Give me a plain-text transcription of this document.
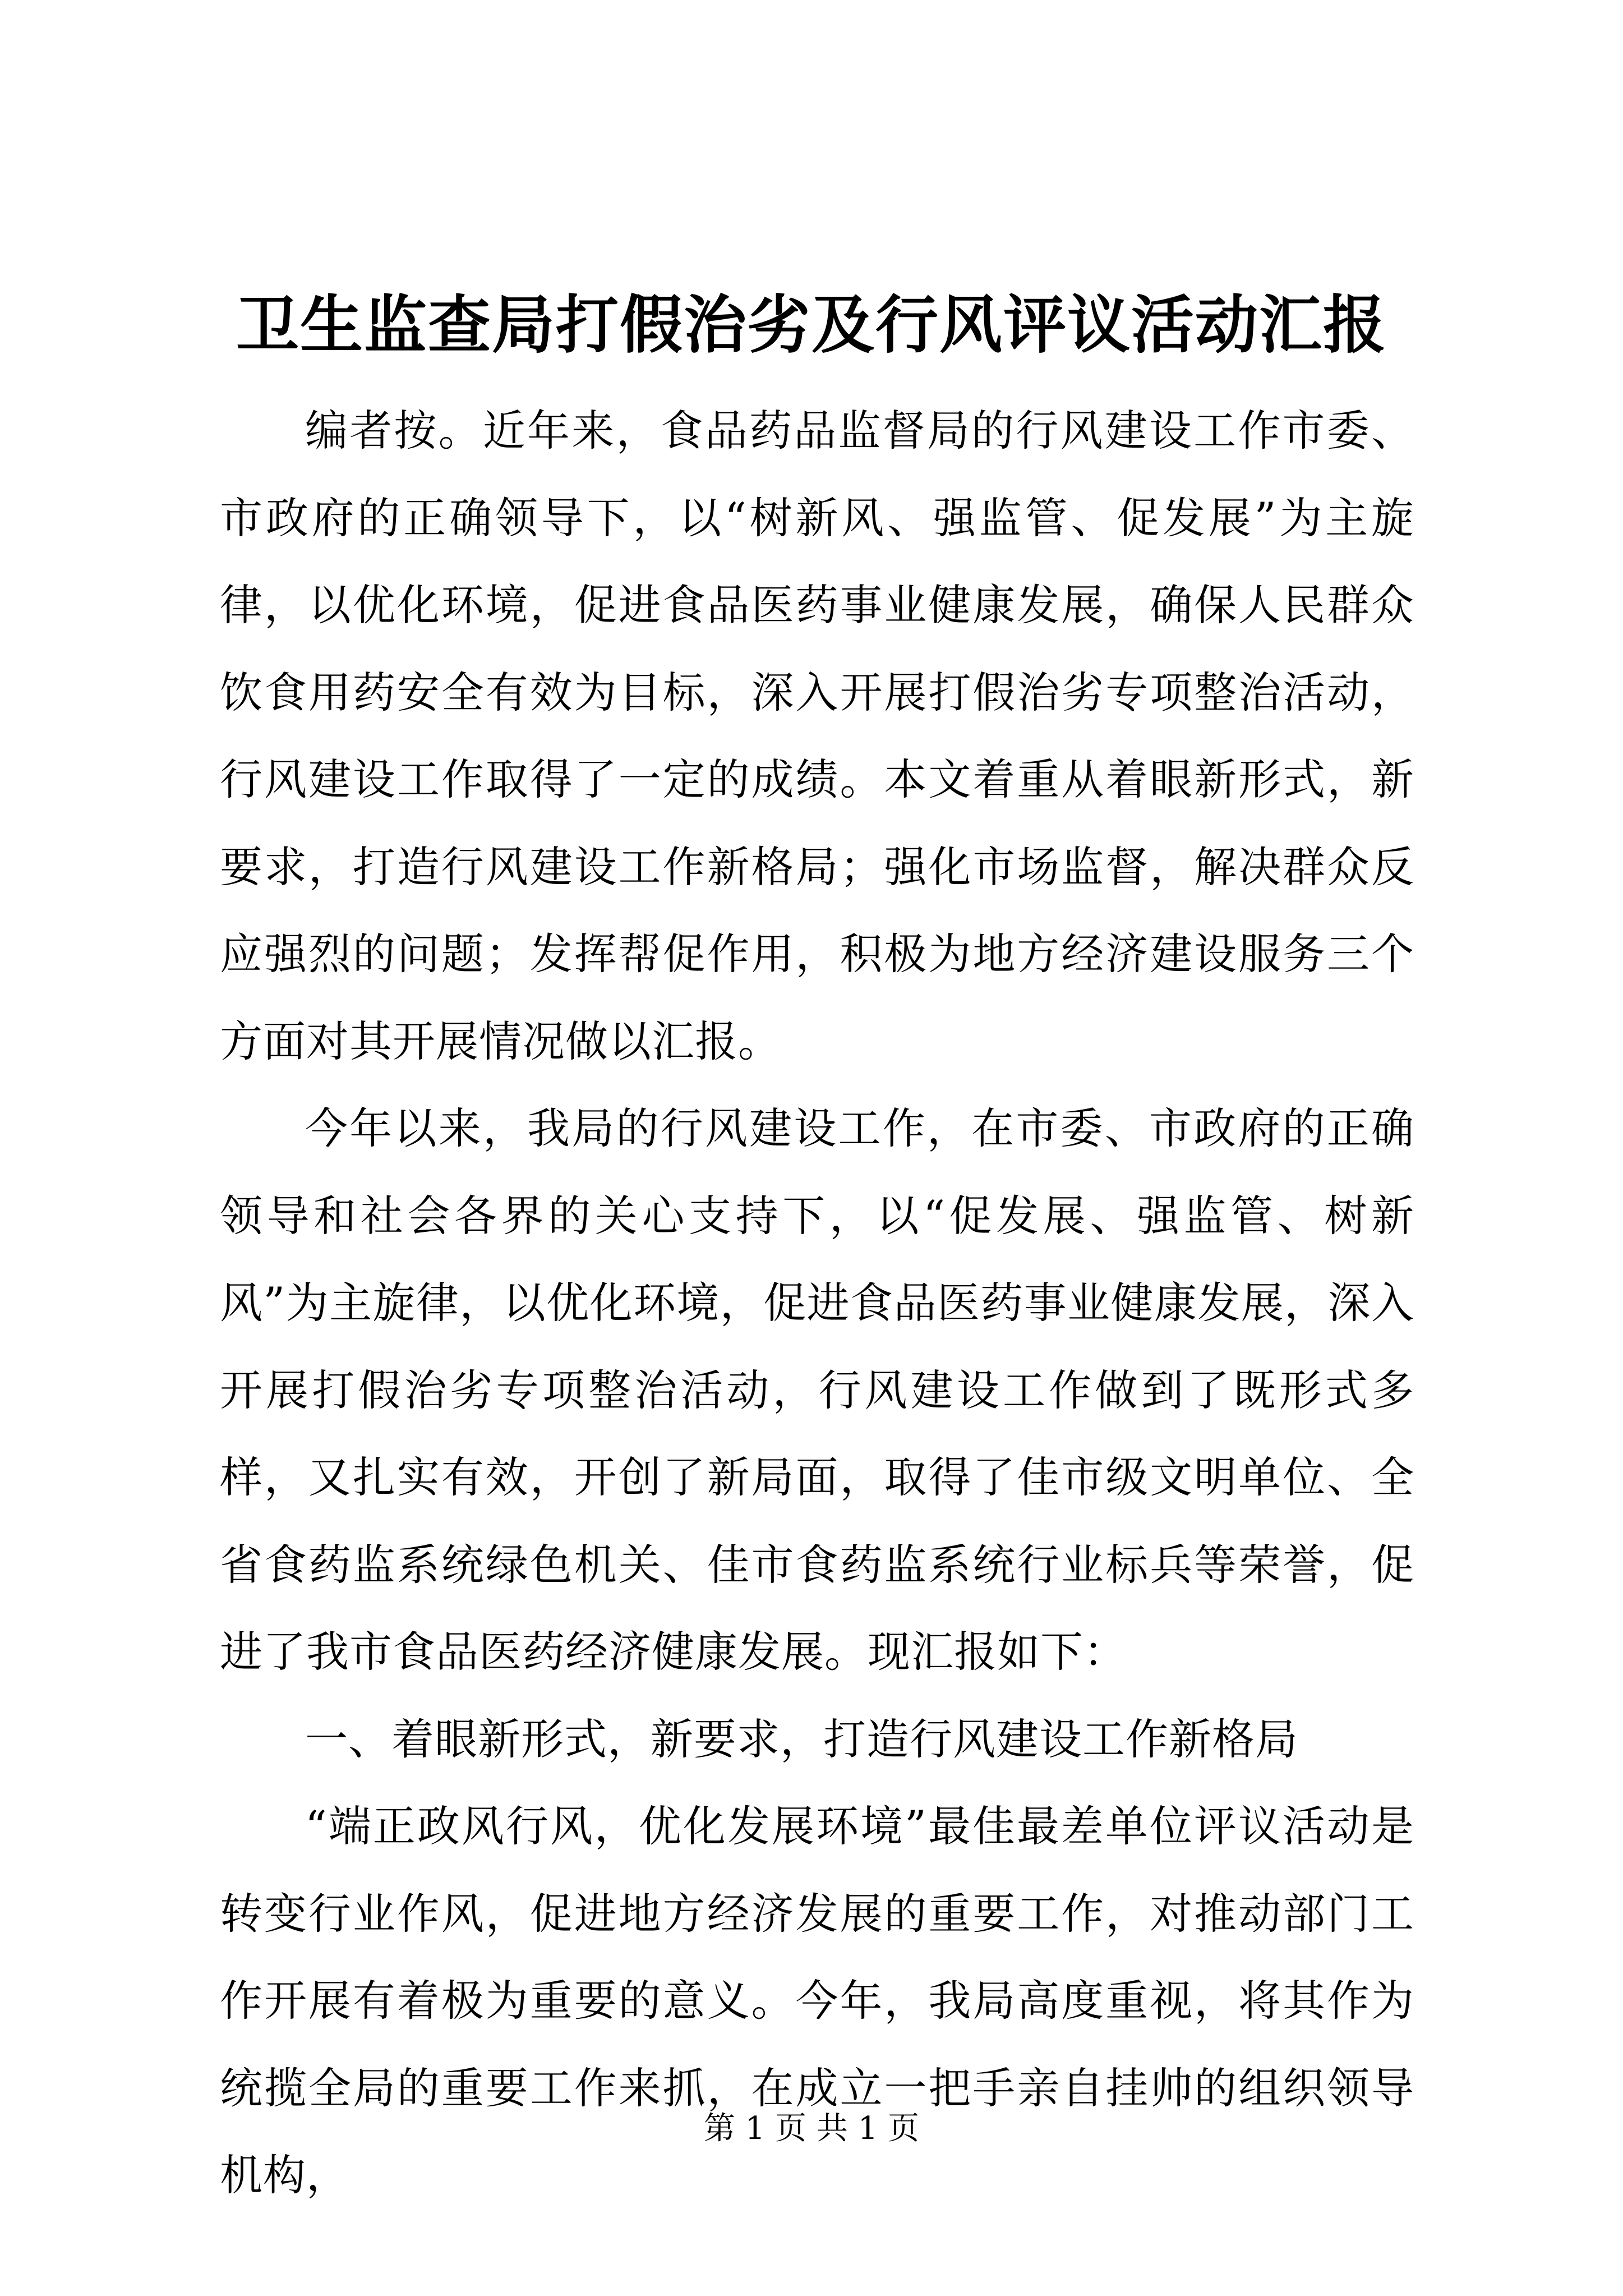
卫生监查局打假治劣及行风评议活动汇报

编者按。近年来，食品药品监督局的行风建设工作市委、市政府的正确领导下，以“树新风、强监管、促发展”为主旋律，以优化环境，促进食品医药事业健康发展，确保人民群众饮食用药安全有效为目标，深入开展打假治劣专项整治活动，行风建设工作取得了一定的成绩。本文着重从着眼新形式，新要求，打造行风建设工作新格局；强化市场监督，解决群众反应强烈的问题；发挥帮促作用，积极为地方经济建设服务三个方面对其开展情况做以汇报。

今年以来，我局的行风建设工作，在市委、市政府的正确领导和社会各界的关心支持下，以“促发展、强监管、树新风”为主旋律，以优化环境，促进食品医药事业健康发展，深入开展打假治劣专项整治活动，行风建设工作做到了既形式多样，又扎实有效，开创了新局面，取得了佳市级文明单位、全省食药监系统绿色机关、佳市食药监系统行业标兵等荣誉，促进了我市食品医药经济健康发展。现汇报如下：

一、着眼新形式，新要求，打造行风建设工作新格局

“端正政风行风，优化发展环境”最佳最差单位评议活动是转变行业作风，促进地方经济发展的重要工作，对推动部门工作开展有着极为重要的意义。今年，我局高度重视，将其作为统揽全局的重要工作来抓，在成立一把手亲自挂帅的组织领导机构，

第 1 页 共 1 页
